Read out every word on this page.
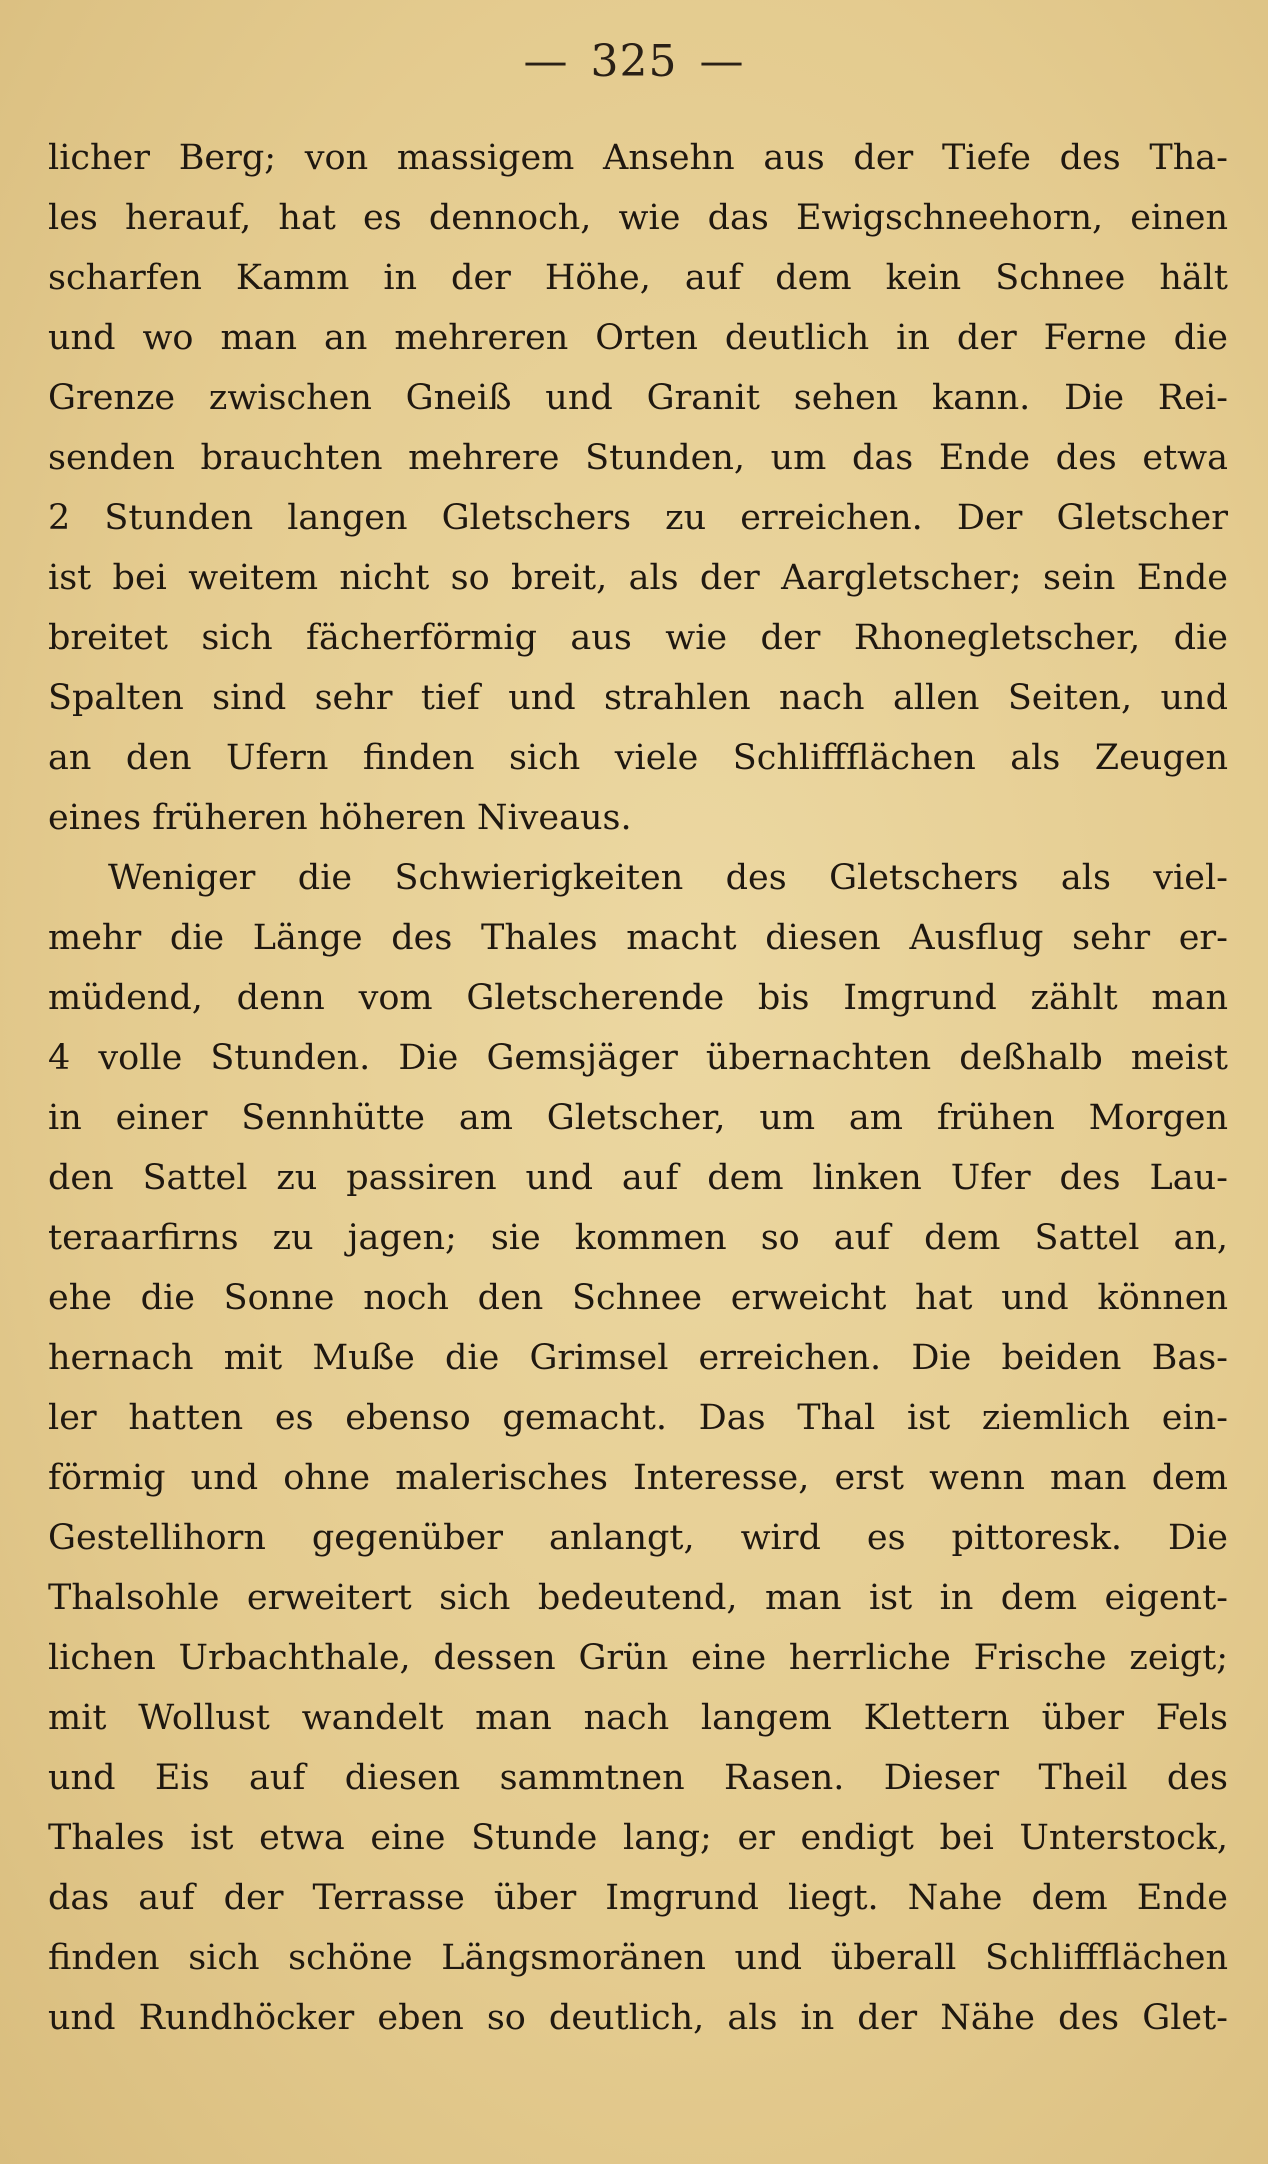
— 325 —
licher Berg; von massigem Ansehn aus der Tiefe des Tha-
les herauf, hat es dennoch, wie das Ewigschneehorn, einen
scharfen Kamm in der Höhe, auf dem kein Schnee hält
und wo man an mehreren Orten deutlich in der Ferne die
Grenze zwischen Gneiß und Granit sehen kann. Die Rei-
senden brauchten mehrere Stunden, um das Ende des etwa
2 Stunden langen Gletschers zu erreichen. Der Gletscher
ist bei weitem nicht so breit, als der Aargletscher; sein Ende
breitet sich fächerförmig aus wie der Rhonegletscher, die
Spalten sind sehr tief und strahlen nach allen Seiten, und
an den Ufern finden sich viele Schliffflächen als Zeugen
eines früheren höheren Niveaus.
Weniger die Schwierigkeiten des Gletschers als viel-
mehr die Länge des Thales macht diesen Ausflug sehr er-
müdend, denn vom Gletscherende bis Imgrund zählt man
4 volle Stunden. Die Gemsjäger übernachten deßhalb meist
in einer Sennhütte am Gletscher, um am frühen Morgen
den Sattel zu passiren und auf dem linken Ufer des Lau-
teraarfirns zu jagen; sie kommen so auf dem Sattel an,
ehe die Sonne noch den Schnee erweicht hat und können
hernach mit Muße die Grimsel erreichen. Die beiden Bas-
ler hatten es ebenso gemacht. Das Thal ist ziemlich ein-
förmig und ohne malerisches Interesse, erst wenn man dem
Gestellihorn gegenüber anlangt, wird es pittoresk. Die
Thalsohle erweitert sich bedeutend, man ist in dem eigent-
lichen Urbachthale, dessen Grün eine herrliche Frische zeigt;
mit Wollust wandelt man nach langem Klettern über Fels
und Eis auf diesen sammtnen Rasen. Dieser Theil des
Thales ist etwa eine Stunde lang; er endigt bei Unterstock,
das auf der Terrasse über Imgrund liegt. Nahe dem Ende
finden sich schöne Längsmoränen und überall Schliffflächen
und Rundhöcker eben so deutlich, als in der Nähe des Glet-
